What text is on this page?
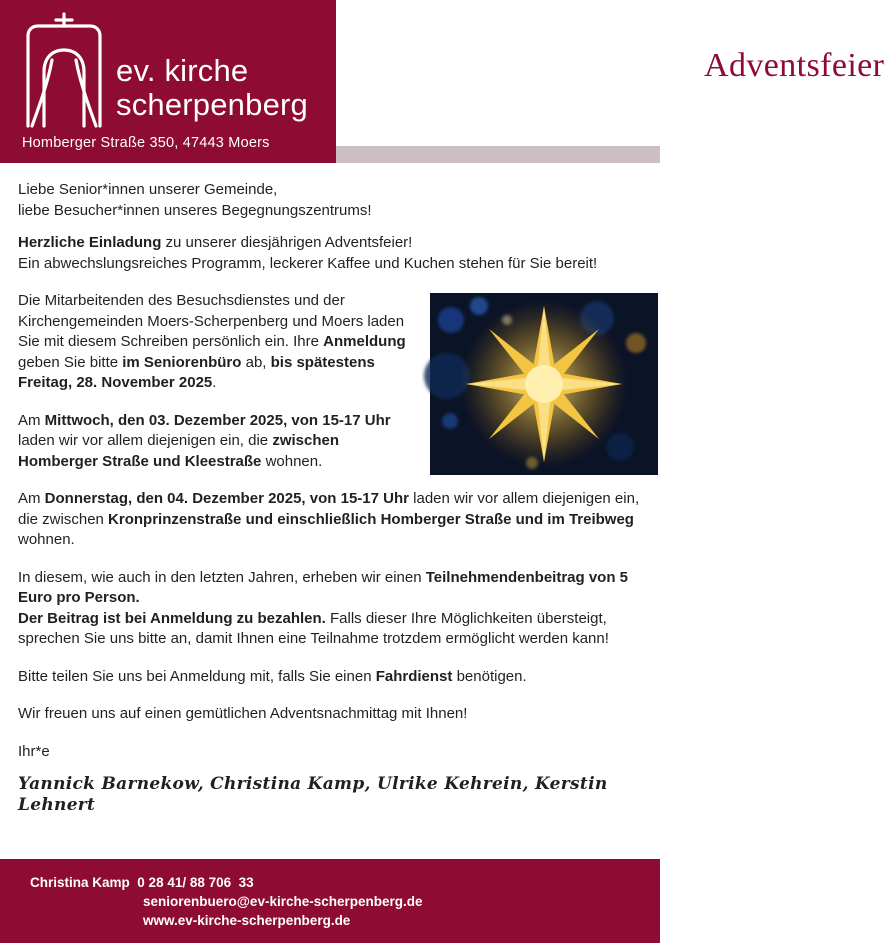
ev. kirche
scherpenberg
Homberger Straße 350, 47443 Moers
Adventsfeier

Liebe Senior*innen unserer Gemeinde,
liebe Besucher*innen unseres Begegnungszentrums!

Herzliche Einladung zu unserer diesjährigen Adventsfeier!
Ein abwechslungsreiches Programm, leckerer Kaffee und Kuchen stehen für Sie bereit!

Die Mitarbeitenden des Besuchsdienstes und der Kirchengemeinden Moers-Scherpenberg und Moers laden Sie mit diesem Schreiben persönlich ein. Ihre Anmeldung geben Sie bitte im Seniorenbüro ab, bis spätestens Freitag, 28. November 2025.

Am Mittwoch, den 03. Dezember 2025, von 15-17 Uhr laden wir vor allem diejenigen ein, die zwischen Homberger Straße und Kleestraße wohnen.

Am Donnerstag, den 04. Dezember 2025, von 15-17 Uhr laden wir vor allem diejenigen ein, die zwischen Kronprinzenstraße und einschließlich Homberger Straße und im Treibweg wohnen.

In diesem, wie auch in den letzten Jahren, erheben wir einen Teilnehmendenbeitrag von 5 Euro pro Person.
Der Beitrag ist bei Anmeldung zu bezahlen. Falls dieser Ihre Möglichkeiten übersteigt, sprechen Sie uns bitte an, damit Ihnen eine Teilnahme trotzdem ermöglicht werden kann!

Bitte teilen Sie uns bei Anmeldung mit, falls Sie einen Fahrdienst benötigen.

Wir freuen uns auf einen gemütlichen Adventsnachmittag mit Ihnen!

Ihr*e

Yannick Barnekow, Christina Kamp, Ulrike Kehrein, Kerstin Lehnert
Christina Kamp 0 28 41/ 88 706  33
seniorenbuero@ev-kirche-scherpenberg.de
www.ev-kirche-scherpenberg.de
